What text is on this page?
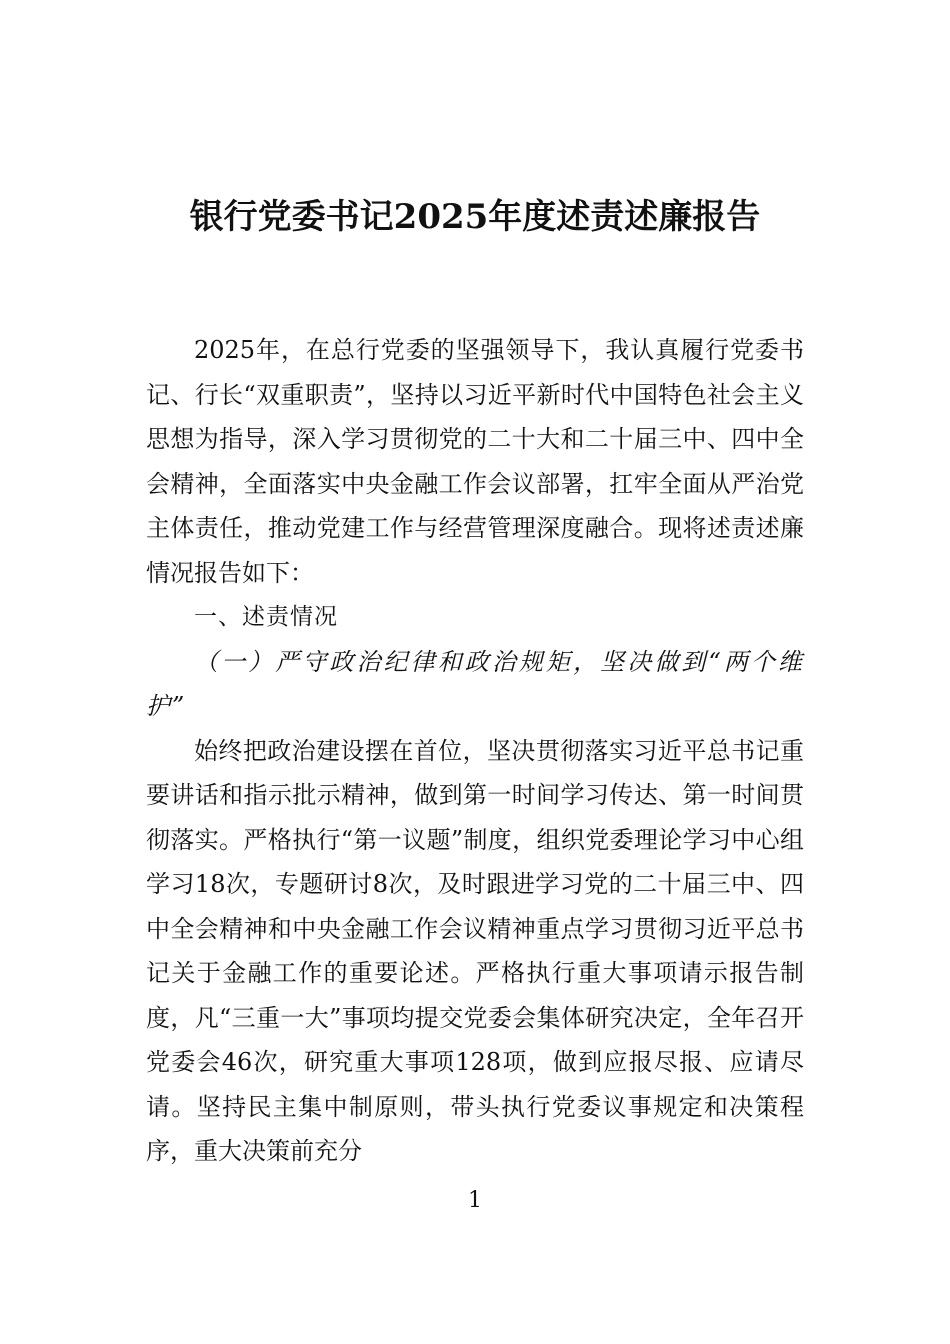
银行党委书记2025年度述责述廉报告

2025年，在总行党委的坚强领导下，我认真履行党委书记、行长“双重职责”，坚持以习近平新时代中国特色社会主义思想为指导，深入学习贯彻党的二十大和二十届三中、四中全会精神，全面落实中央金融工作会议部署，扛牢全面从严治党主体责任，推动党建工作与经营管理深度融合。现将述责述廉情况报告如下：

一、述责情况

（一）严守政治纪律和政治规矩，坚决做到“两个维护”

始终把政治建设摆在首位，坚决贯彻落实习近平总书记重要讲话和指示批示精神，做到第一时间学习传达、第一时间贯彻落实。严格执行“第一议题”制度，组织党委理论学习中心组学习18次，专题研讨8次，及时跟进学习党的二十届三中、四中全会精神和中央金融工作会议精神重点学习贯彻习近平总书记关于金融工作的重要论述。严格执行重大事项请示报告制度，凡“三重一大”事项均提交党委会集体研究决定，全年召开党委会46次，研究重大事项128项，做到应报尽报、应请尽请。坚持民主集中制原则，带头执行党委议事规定和决策程序，重大决策前充分

1
